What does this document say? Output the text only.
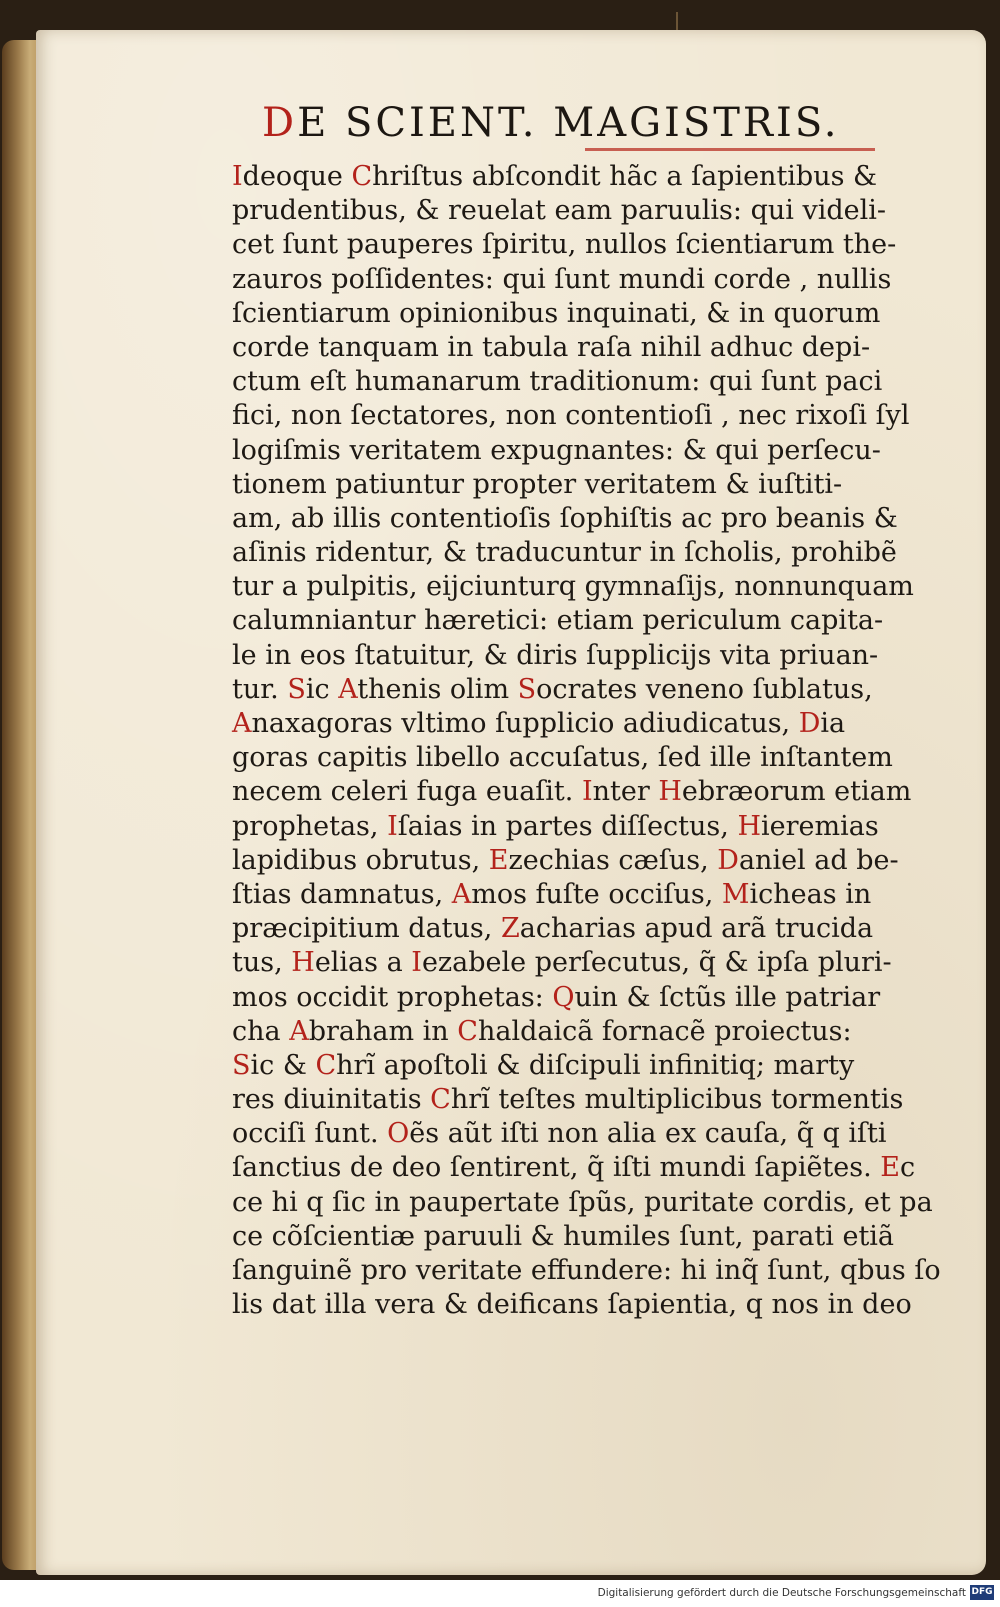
DE SCIENT. MAGISTRIS.
Ideoque Chriſtus abſcondit hãc a ſapientibus &
prudentibus, & reuelat eam paruulis: qui videli-
cet ſunt pauperes ſpiritu, nullos ſcientiarum the-
zauros poſſidentes: qui ſunt mundi corde , nullis
ſcientiarum opinionibus inquinati, & in quorum
corde tanquam in tabula raſa nihil adhuc depi-
ctum eſt humanarum traditionum: qui ſunt paci
fici, non ſectatores, non contentioſi , nec rixoſi ſyl
logiſmis veritatem expugnantes: & qui perſecu-
tionem patiuntur propter veritatem & iuſtiti-
am, ab illis contentioſis ſophiſtis ac pro beanis &
aſinis ridentur, & traducuntur in ſcholis, prohibẽ
tur a pulpitis, eijciunturq gymnaſijs, nonnunquam
calumniantur hæretici: etiam periculum capita-
le in eos ſtatuitur, & diris ſupplicijs vita priuan-
tur. Sic Athenis olim Socrates veneno ſublatus,
Anaxagoras vltimo ſupplicio adiudicatus, Dia
goras capitis libello accuſatus, ſed ille inſtantem
necem celeri fuga euaſit. Inter Hebræorum etiam
prophetas, Iſaias in partes diſſectus, Hieremias
lapidibus obrutus, Ezechias cæſus, Daniel ad be-
ſtias damnatus, Amos fuſte occiſus, Micheas in
præcipitium datus, Zacharias apud arã trucida
tus, Helias a Iezabele perſecutus, q̃ & ipſa pluri-
mos occidit prophetas: Quin & ſctũs ille patriar
cha Abraham in Chaldaicã fornacẽ proiectus:
Sic & Chrĩ apoſtoli & diſcipuli infinitiq; marty
res diuinitatis Chrĩ teſtes multiplicibus tormentis
occiſi ſunt. Oẽs aũt iſti non alia ex cauſa, q̃ q iſti
ſanctius de deo ſentirent, q̃ iſti mundi ſapiẽtes. Ec
ce hi q ſic in paupertate ſpũs, puritate cordis, et pa
ce cõſcientiæ paruuli & humiles ſunt, parati etiã
ſanguinẽ pro veritate effundere: hi inq̃ ſunt, qbus ſo
lis dat illa vera & deificans ſapientia, q nos in deo
Digitalisierung gefördert durch die Deutsche Forschungsgemeinschaft DFG
